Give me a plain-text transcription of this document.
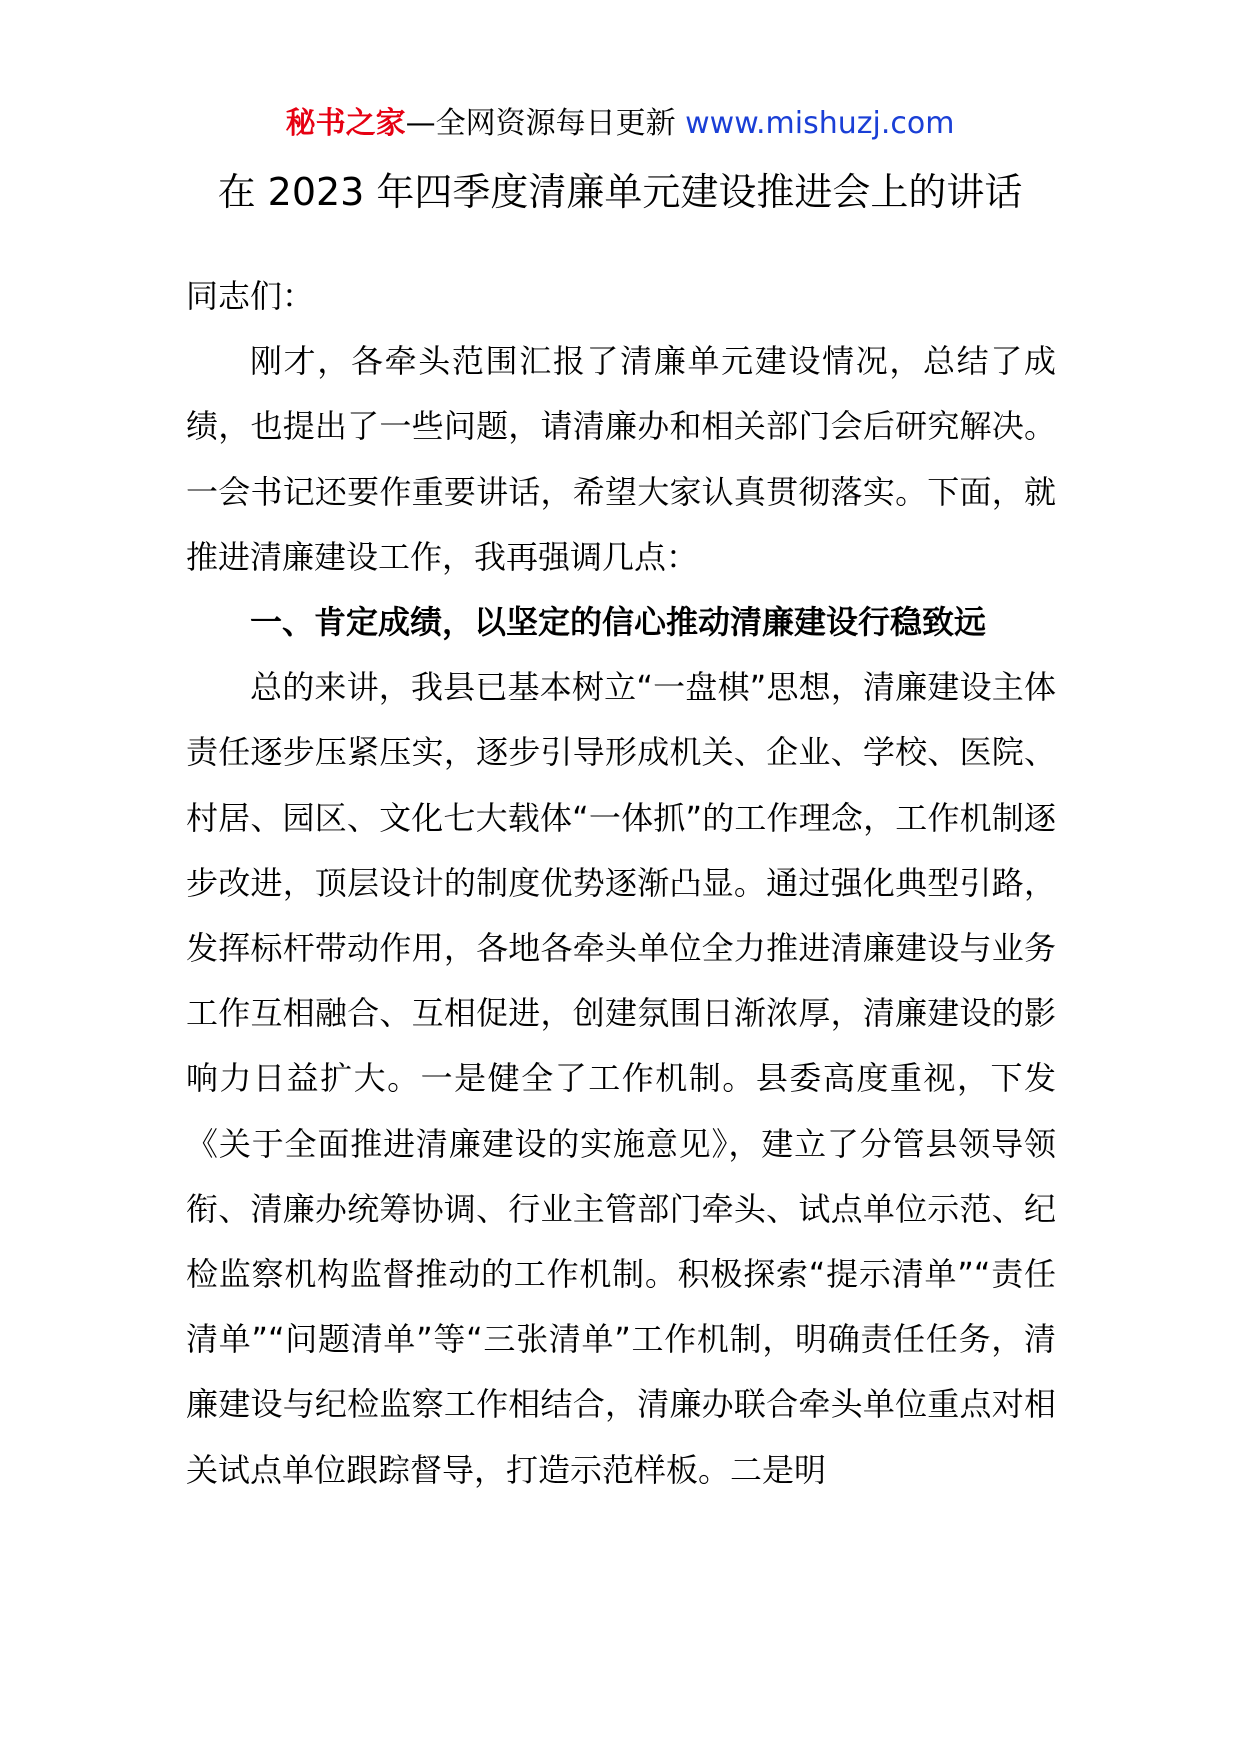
秘书之家—全网资源每日更新 www.mishuzj.com
在 2023 年四季度清廉单元建设推进会上的讲话

同志们：

刚才，各牵头范围汇报了清廉单元建设情况，总结了成绩，也提出了一些问题，请清廉办和相关部门会后研究解决。一会书记还要作重要讲话，希望大家认真贯彻落实。下面，就推进清廉建设工作，我再强调几点：

一、肯定成绩，以坚定的信心推动清廉建设行稳致远

总的来讲，我县已基本树立“一盘棋”思想，清廉建设主体责任逐步压紧压实，逐步引导形成机关、企业、学校、医院、村居、园区、文化七大载体“一体抓”的工作理念，工作机制逐步改进，顶层设计的制度优势逐渐凸显。通过强化典型引路，发挥标杆带动作用，各地各牵头单位全力推进清廉建设与业务工作互相融合、互相促进，创建氛围日渐浓厚，清廉建设的影响力日益扩大。一是健全了工作机制。县委高度重视，下发《关于全面推进清廉建设的实施意见》，建立了分管县领导领衔、清廉办统筹协调、行业主管部门牵头、试点单位示范、纪检监察机构监督推动的工作机制。积极探索“提示清单”“责任清单”“问题清单”等“三张清单”工作机制，明确责任任务，清廉建设与纪检监察工作相结合，清廉办联合牵头单位重点对相关试点单位跟踪督导，打造示范样板。二是明
